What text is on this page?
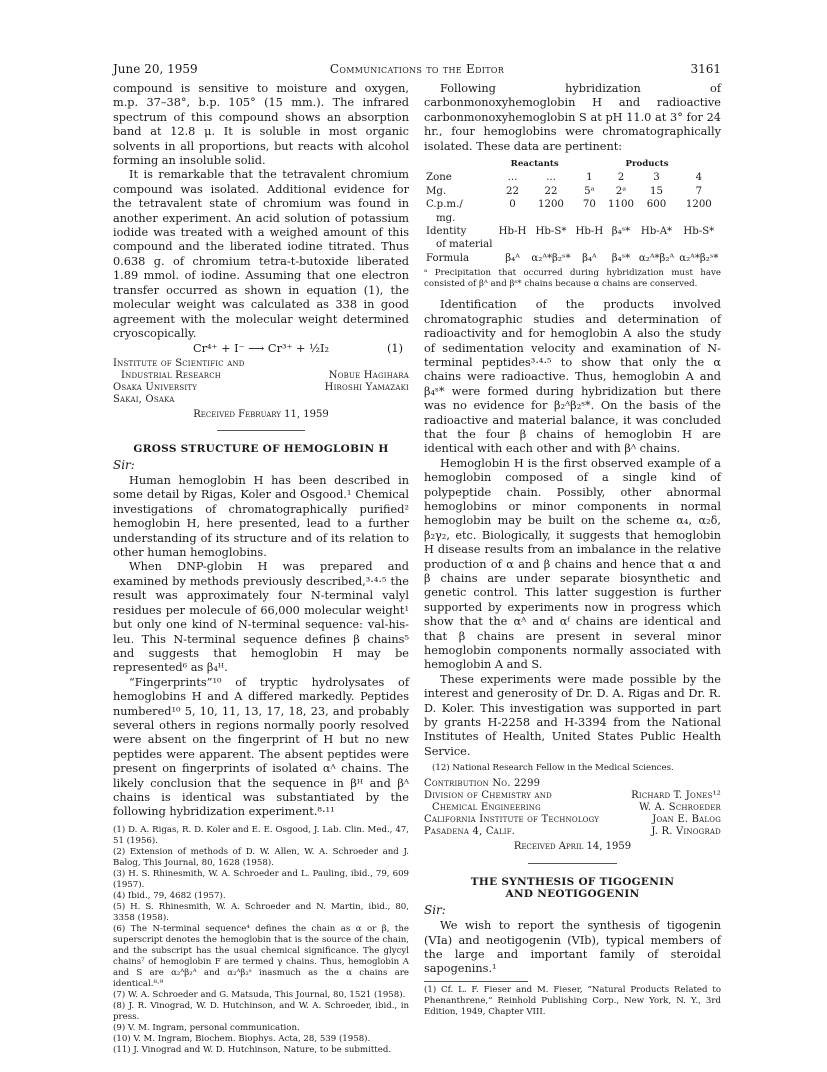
June 20, 1959	Communications to the Editor	3161

compound is sensitive to moisture and oxygen, m.p. 37–38°, b.p. 105° (15 mm.). The infrared spectrum of this compound shows an absorption band at 12.8 μ. It is soluble in most organic solvents in all proportions, but reacts with alcohol forming an insoluble solid.

It is remarkable that the tetravalent chromium compound was isolated. Additional evidence for the tetravalent state of chromium was found in another experiment. An acid solution of potassium iodide was treated with a weighed amount of this compound and the liberated iodine titrated. Thus 0.638 g. of chromium tetra-t-butoxide liberated 1.89 mmol. of iodine. Assuming that one electron transfer occurred as shown in equation (1), the molecular weight was calculated as 338 in good agreement with the molecular weight determined cryoscopically.

Cr⁴⁺ + I⁻ ⟶ Cr³⁺ + ½I₂	(1)
Institute of Scientific and
Industrial Research
Osaka University
Sakai, Osaka
Nobue Hagihara
Hiroshi Yamazaki
Received February 11, 1959
GROSS STRUCTURE OF HEMOGLOBIN H
Sir:

Human hemoglobin H has been described in some detail by Rigas, Koler and Osgood.¹ Chemical investigations of chromatographically purified² hemoglobin H, here presented, lead to a further understanding of its structure and of its relation to other human hemoglobins.

When DNP-globin H was prepared and examined by methods previously described,³·⁴·⁵ the result was approximately four N-terminal valyl residues per molecule of 66,000 molecular weight¹ but only one kind of N-terminal sequence: val-his-leu. This N-terminal sequence defines β chains⁵ and suggests that hemoglobin H may be represented⁶ as β₄ᴴ.

“Fingerprints”¹⁰ of tryptic hydrolysates of hemoglobins H and A differed markedly. Peptides numbered¹⁰ 5, 10, 11, 13, 17, 18, 23, and probably several others in regions normally poorly resolved were absent on the fingerprint of H but no new peptides were apparent. The absent peptides were present on fingerprints of isolated αᴬ chains. The likely conclusion that the sequence in βᴴ and βᴬ chains is identical was substantiated by the following hybridization experiment.⁸·¹¹

(1) D. A. Rigas, R. D. Koler and E. E. Osgood, J. Lab. Clin. Med., 47, 51 (1956).
(2) Extension of methods of D. W. Allen, W. A. Schroeder and J. Balog, This Journal, 80, 1628 (1958).
(3) H. S. Rhinesmith, W. A. Schroeder and L. Pauling, ibid., 79, 609 (1957).
(4) Ibid., 79, 4682 (1957).
(5) H. S. Rhinesmith, W. A. Schroeder and N. Martin, ibid., 80, 3358 (1958).
(6) The N-terminal sequence⁴ defines the chain as α or β, the superscript denotes the hemoglobin that is the source of the chain, and the subscript has the usual chemical significance. The glycyl chains⁷ of hemoglobin F are termed γ chains. Thus, hemoglobin A and S are α₂ᴬβ₂ᴬ and α₂ᴬβ₂ˢ inasmuch as the α chains are identical.⁸·⁹
(7) W. A. Schroeder and G. Matsuda, This Journal, 80, 1521 (1958).
(8) J. R. Vinograd, W. D. Hutchinson, and W. A. Schroeder, ibid., in press.
(9) V. M. Ingram, personal communication.
(10) V. M. Ingram, Biochem. Biophys. Acta, 28, 539 (1958).
(11) J. Vinograd and W. D. Hutchinson, Nature, to be submitted.

Following hybridization of carbonmonoxyhemoglobin H and radioactive carbonmonoxyhemoglobin S at pH 11.0 at 3° for 24 hr., four hemoglobins were chromatographically isolated. These data are pertinent:

	Reactants		Products			
Zone	...	...	1	2	3	4
Mg.	22	22	5ᵃ	2ᵃ	15	7
C.p.m./	0	1200	70	1100	600	1200
mg.						
Identity	Hb-H	Hb-S*	Hb-H	β₄ˢ*	Hb-A*	Hb-S*
of material						
Formula	β₄ᴬ	α₂ᴬ*β₂ˢ*	β₄ᴬ	β₄ˢ*	α₂ᴬ*β₂ᴬ	α₂ᴬ*β₂ˢ*
ᵃ Precipitation that occurred during hybridization must have consisted of βᴬ and βˢ* chains because α chains are conserved.

Identification of the products involved chromatographic studies and determination of radioactivity and for hemoglobin A also the study of sedimentation velocity and examination of N-terminal peptides³·⁴·⁵ to show that only the α chains were radioactive. Thus, hemoglobin A and β₄ˢ* were formed during hybridization but there was no evidence for β₂ᴬβ₂ˢ*. On the basis of the radioactive and material balance, it was concluded that the four β chains of hemoglobin H are identical with each other and with βᴬ chains.

Hemoglobin H is the first observed example of a hemoglobin composed of a single kind of polypeptide chain. Possibly, other abnormal hemoglobins or minor components in normal hemoglobin may be built on the scheme α₄, α₂δ, β₂γ₂, etc. Biologically, it suggests that hemoglobin H disease results from an imbalance in the relative production of α and β chains and hence that α and β chains are under separate biosynthetic and genetic control. This latter suggestion is further supported by experiments now in progress which show that the αᴬ and αᶠ chains are identical and that β chains are present in several minor hemoglobin components normally associated with hemoglobin A and S.

These experiments were made possible by the interest and generosity of Dr. D. A. Rigas and Dr. R. D. Koler. This investigation was supported in part by grants H-2258 and H-3394 from the National Institutes of Health, United States Public Health Service.

(12) National Research Fellow in the Medical Sciences.
Contribution No. 2299
Division of Chemistry and	Richard T. Jones¹²
Chemical Engineering	W. A. Schroeder
California Institute of Technology	Joan E. Balog
Pasadena 4, Calif.	J. R. Vinograd
Received April 14, 1959
THE SYNTHESIS OF TIGOGENIN
AND NEOTIGOGENIN
Sir:

We wish to report the synthesis of tigogenin (VIa) and neotigogenin (VIb), typical members of the large and important family of steroidal sapogenins.¹

(1) Cf. L. F. Fieser and M. Fieser, “Natural Products Related to Phenanthrene,” Reinhold Publishing Corp., New York, N. Y., 3rd Edition, 1949, Chapter VIII.
